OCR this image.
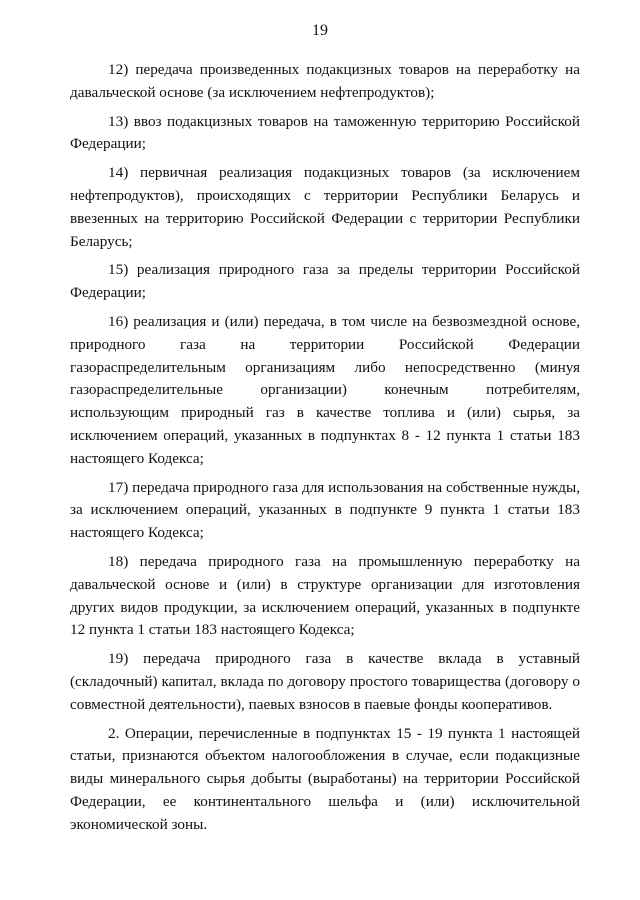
19

12) передача произведенных подакцизных товаров на переработку на давальческой основе (за исключением нефтепродуктов);

13) ввоз подакцизных товаров на таможенную территорию Российской Федерации;

14) первичная реализация подакцизных товаров (за исключением нефтепродуктов), происходящих с территории Республики Беларусь и ввезенных на территорию Российской Федерации с территории Республики Беларусь;

15) реализация природного газа за пределы территории Российской Федерации;

16) реализация и (или) передача, в том числе на безвозмездной основе, природного газа на территории Российской Федерации газораспределительным организациям либо непосредственно (минуя газораспределительные организации) конечным потребителям, использующим природный газ в качестве топлива и (или) сырья, за исключением операций, указанных в подпунктах 8 - 12 пункта 1 статьи 183 настоящего Кодекса;

17) передача природного газа для использования на собственные нужды, за исключением операций, указанных в подпункте 9 пункта 1 статьи 183 настоящего Кодекса;

18) передача природного газа на промышленную переработку на давальческой основе и (или) в структуре организации для изготовления других видов продукции, за исключением операций, указанных в подпункте 12 пункта 1 статьи 183 настоящего Кодекса;

19) передача природного газа в качестве вклада в уставный (складочный) капитал, вклада по договору простого товарищества (договору о совместной деятельности), паевых взносов в паевые фонды кооперативов.

2. Операции, перечисленные в подпунктах 15 - 19 пункта 1 настоящей статьи, признаются объектом налогообложения в случае, если подакцизные виды минерального сырья добыты (выработаны) на территории Российской Федерации, ее континентального шельфа и (или) исключительной экономической зоны.
